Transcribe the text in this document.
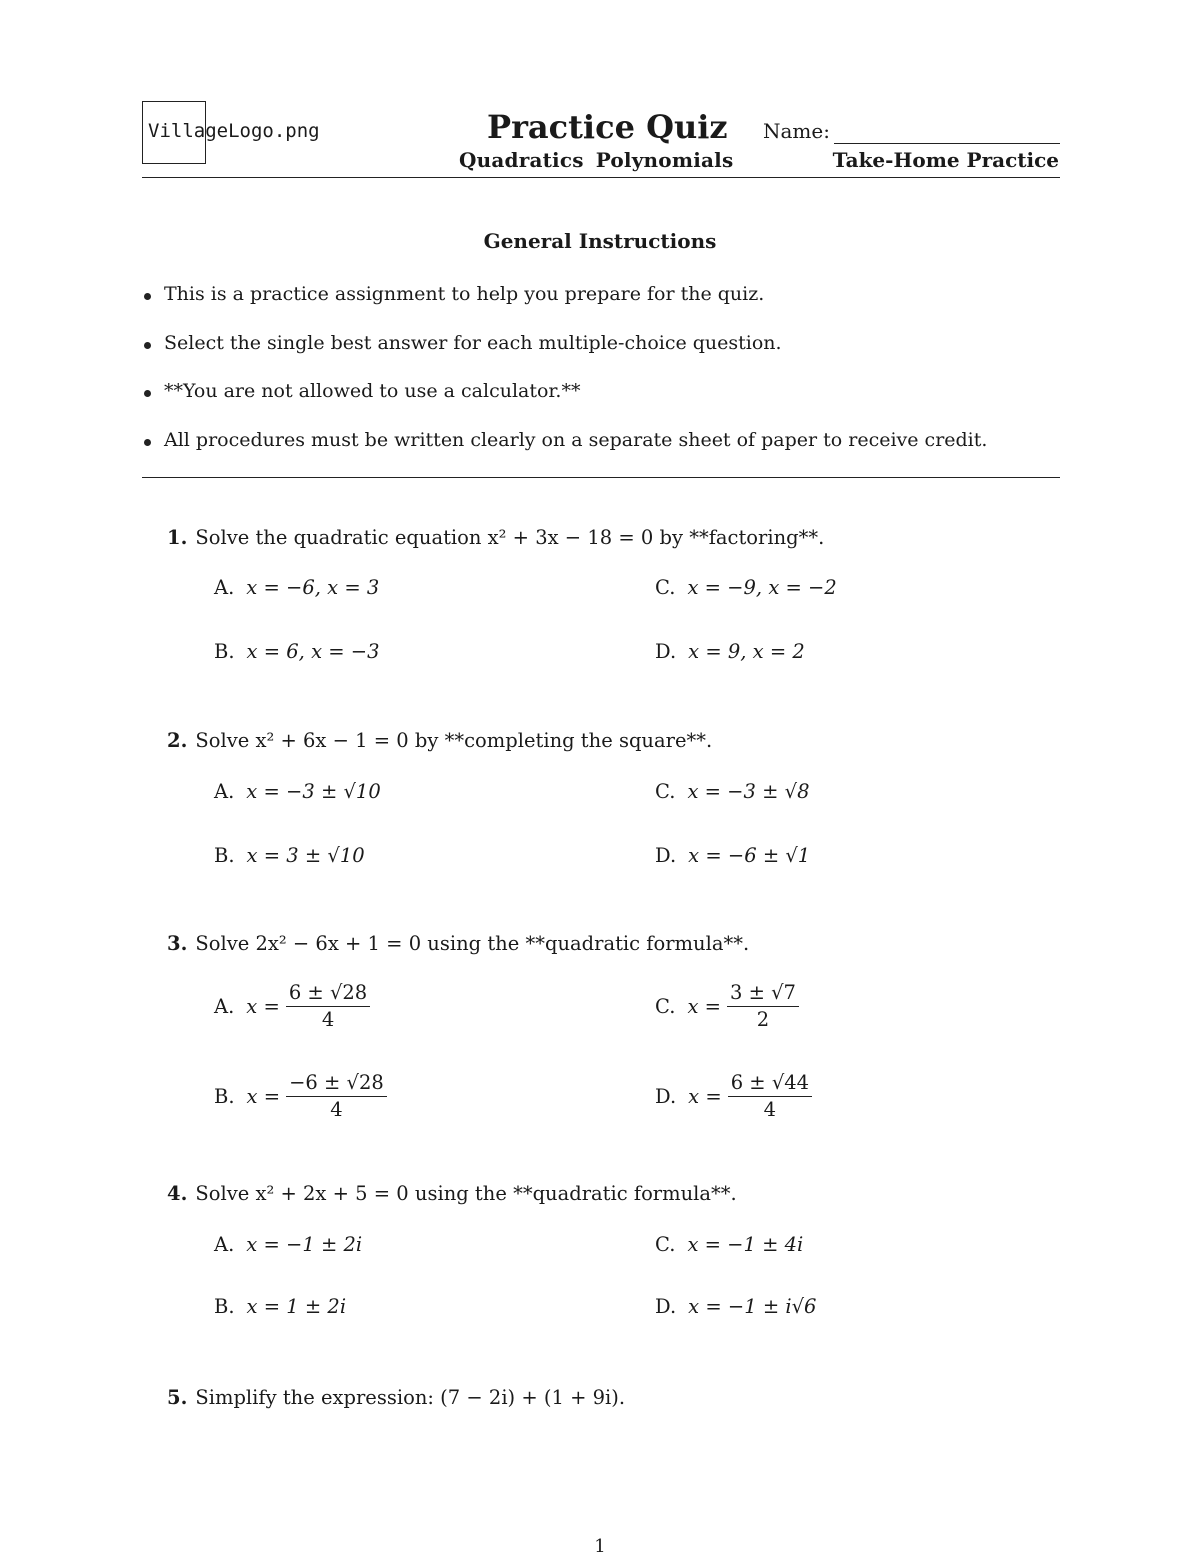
VillageLogo.png	Practice Quiz Name:
Quadratics Polynomials	Take-Home Practice
General Instructions
This is a practice assignment to help you prepare for the quiz.
Select the single best answer for each multiple-choice question.
**You are not allowed to use a calculator.**
All procedures must be written clearly on a separate sheet of paper to receive credit.
1. Solve the quadratic equation x² + 3x − 18 = 0 by **factoring**.
A. x = −6, x = 3
B. x = 6, x = −3
C. x = −9, x = −2
D. x = 9, x = 2
2. Solve x² + 6x − 1 = 0 by **completing the square**.
A. x = −3 ± √10
B. x = 3 ± √10
C. x = −3 ± √8
D. x = −6 ± √1
3. Solve 2x² − 6x + 1 = 0 using the **quadratic formula**.
A. $x = \frac{6 \pm √28}{4}$
B. $x = \frac{-6 \pm √28}{4}$
C. $x = \frac{3 \pm √7}{2}$
D. $x = \frac{6 \pm √44}{4}$
4. Solve x² + 2x + 5 = 0 using the **quadratic formula**.
A. x = −1 ± 2i
B. x = 1 ± 2i
C. x = −1 ± 4i
D. x = −1 ± i√6
5. Simplify the expression: (7 − 2i) + (1 + 9i).
1
